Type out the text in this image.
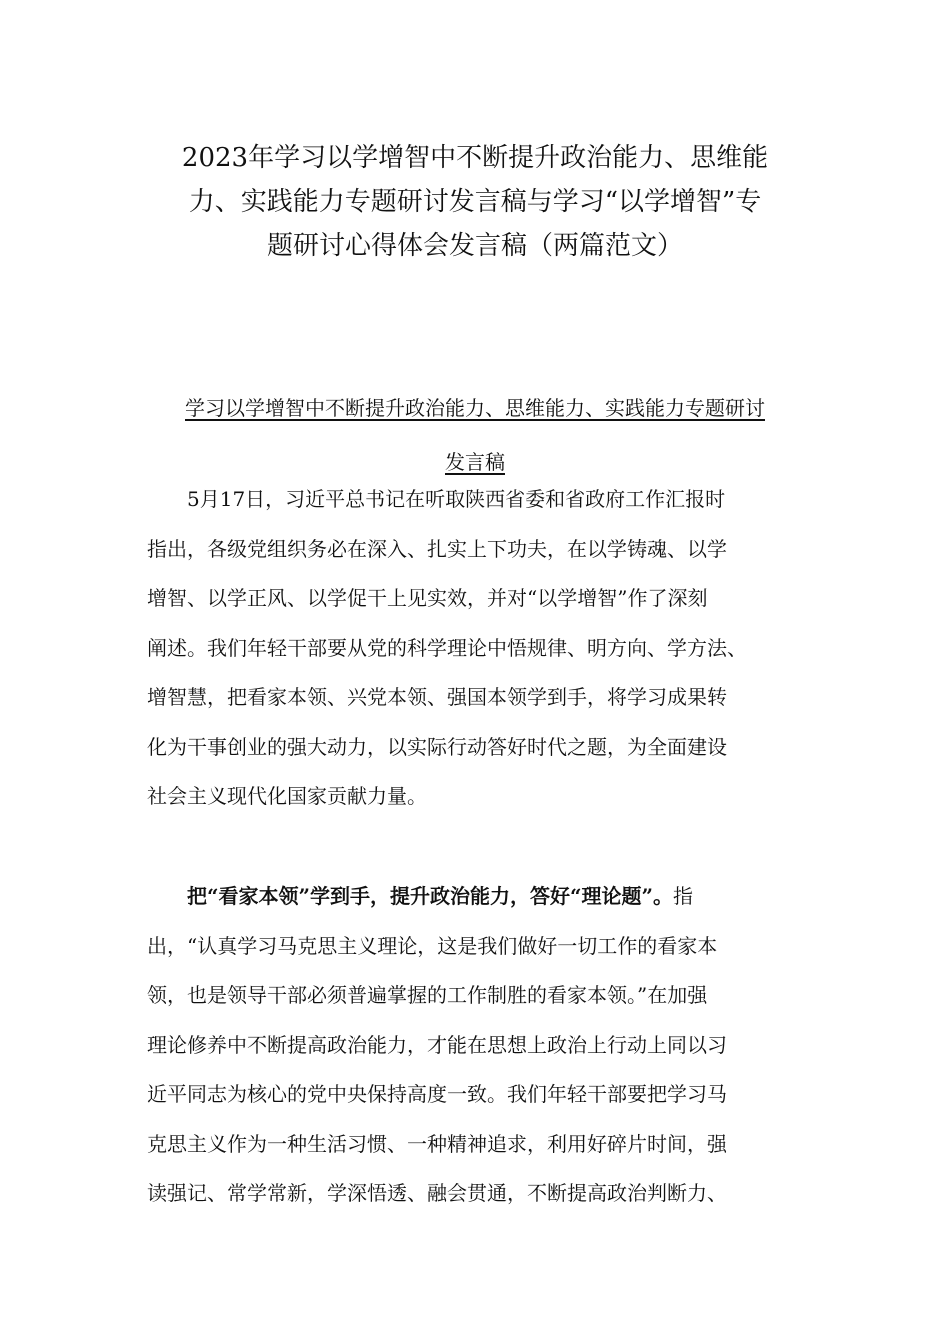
2023年学习以学增智中不断提升政治能力、思维能
力、实践能力专题研讨发言稿与学习“以学增智”专
题研讨心得体会发言稿（两篇范文）
学习以学增智中不断提升政治能力、思维能力、实践能力专题研讨
发言稿
5月17日，习近平总书记在听取陕西省委和省政府工作汇报时
指出，各级党组织务必在深入、扎实上下功夫，在以学铸魂、以学
增智、以学正风、以学促干上见实效，并对“以学增智”作了深刻
阐述。我们年轻干部要从党的科学理论中悟规律、明方向、学方法、
增智慧，把看家本领、兴党本领、强国本领学到手，将学习成果转
化为干事创业的强大动力，以实际行动答好时代之题，为全面建设
社会主义现代化国家贡献力量。
把“看家本领”学到手，提升政治能力，答好“理论题”。指
出，“认真学习马克思主义理论，这是我们做好一切工作的看家本
领，也是领导干部必须普遍掌握的工作制胜的看家本领。”在加强
理论修养中不断提高政治能力，才能在思想上政治上行动上同以习
近平同志为核心的党中央保持高度一致。我们年轻干部要把学习马
克思主义作为一种生活习惯、一种精神追求，利用好碎片时间，强
读强记、常学常新，学深悟透、融会贯通，不断提高政治判断力、
